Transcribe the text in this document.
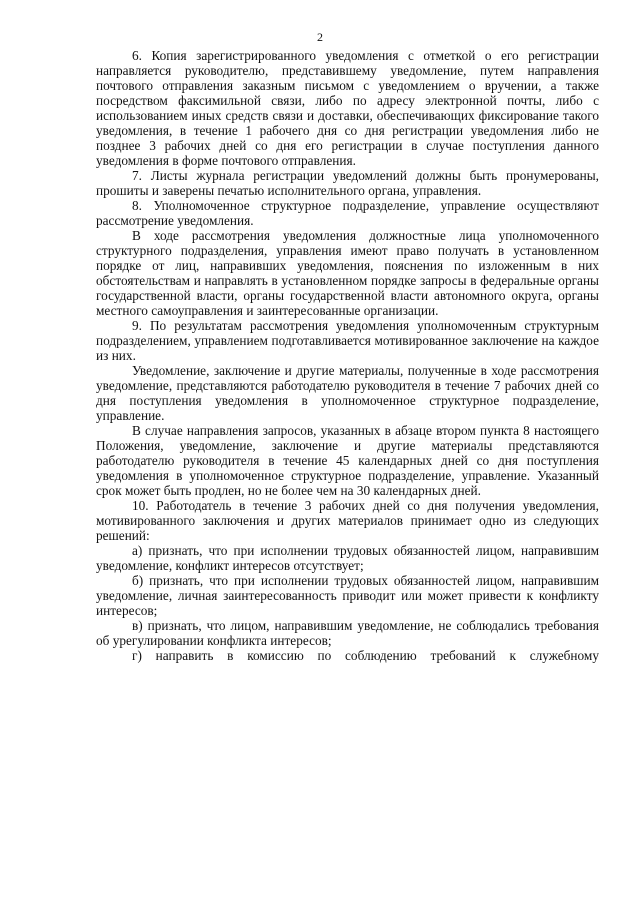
2

6. Копия зарегистрированного уведомления с отметкой о его регистрации направляется руководителю, представившему уведомление, путем направления почтового отправления заказным письмом с уведомлением о вручении, а также посредством факсимильной связи, либо по адресу электронной почты, либо с использованием иных средств связи и доставки, обеспечивающих фиксирование такого уведомления, в течение 1 рабочего дня со дня регистрации уведомления либо не позднее 3 рабочих дней со дня его регистрации в случае поступления данного уведомления в форме почтового отправления.

7. Листы журнала регистрации уведомлений должны быть пронумерованы, прошиты и заверены печатью исполнительного органа, управления.

8. Уполномоченное структурное подразделение, управление осуществляют рассмотрение уведомления.

В ходе рассмотрения уведомления должностные лица уполномоченного структурного подразделения, управления имеют право получать в установленном порядке от лиц, направивших уведомления, пояснения по изложенным в них обстоятельствам и направлять в установленном порядке запросы в федеральные органы государственной власти, органы государственной власти автономного округа, органы местного самоуправления и заинтересованные организации.

9. По результатам рассмотрения уведомления уполномоченным структурным подразделением, управлением подготавливается мотивированное заключение на каждое из них.

Уведомление, заключение и другие материалы, полученные в ходе рассмотрения уведомление, представляются работодателю руководителя в течение 7 рабочих дней со дня поступления уведомления в уполномоченное структурное подразделение, управление.

В случае направления запросов, указанных в абзаце втором пункта 8 настоящего Положения, уведомление, заключение и другие материалы представляются работодателю руководителя в течение 45 календарных дней со дня поступления уведомления в уполномоченное структурное подразделение, управление. Указанный срок может быть продлен, но не более чем на 30 календарных дней.

10. Работодатель в течение 3 рабочих дней со дня получения уведомления, мотивированного заключения и других материалов принимает одно из следующих решений:

а) признать, что при исполнении трудовых обязанностей лицом, направившим уведомление, конфликт интересов отсутствует;

б) признать, что при исполнении трудовых обязанностей лицом, направившим уведомление, личная заинтересованность приводит или может привести к конфликту интересов;

в) признать, что лицом, направившим уведомление, не соблюдались требования об урегулировании конфликта интересов;

г) направить в комиссию по соблюдению требований к служебному
